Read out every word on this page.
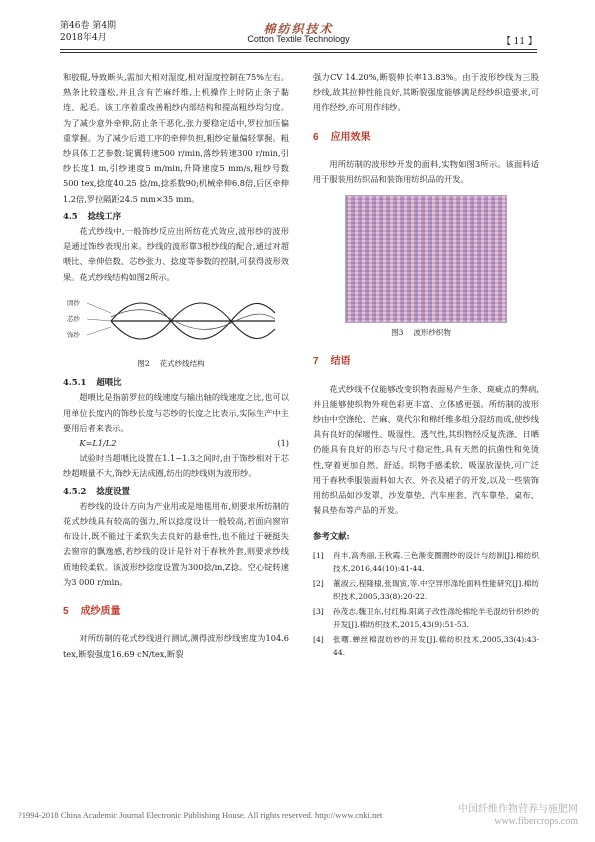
第46卷 第4期
2018年4月
棉纺织技术
Cotton Textile Technology	【 11 】

和胶辊,导致断头,需加大相对湿度,相对湿度控制在75%左右。熟条比较蓬松,并且含有芒麻纤维,上机操作上时防止条子黏连、起毛。该工序着重改善粗纱内部结构和提高粗纱均匀度。为了减少意外牵伸,防止条干恶化,张力要稳定适中,罗拉加压偏重掌握。为了减少后道工序的牵伸负担,粗纱定量偏轻掌握。粗纱具体工艺参数:锭翼转速500 r/min,落纱转速300 r/min,引纱长度1 m,引纱速度5 m/min,升降速度5 mm/s,粗纱号数500 tex,捻度40.25 捻/m,捻系数90;机械牵伸6.8倍,后区牵伸1.2倍,罗拉隔距24.5 mm×35 mm。

4.5 捻线工序

花式纱线中,一般饰纱反应出所纺花式效应,波形纱的波形是通过饰纱表现出来。纱线的波形靠3根纱线的配合,通过对超喂比、牵伸倍数、芯纱张力、捻度等参数的控制,可获得波形效果。花式纱线结构如图2所示。

固纱
芯纱
饰纱
图2 花式纱线结构
4.5.1 超喂比

超喂比是指前罗拉的线速度与输出轴的线速度之比,也可以用单位长度内的饰纱长度与芯纱的长度之比表示,实际生产中主要用后者来表示。

K=L1/L2	(1)

试验时当超喂比设置在1.1~1.3之间时,由于饰纱相对于芯纱超喂量不大,饰纱无法成圈,纺出的纱线则为波形纱。

4.5.2 捻度设置

若纱线的设计方向为产业用或是地毯用布,则要求所纺制的花式纱线具有较高的强力,所以捻度设计一般较高,若面向窗帘布设计,既不能过于柔软失去良好的悬垂性,也不能过于硬挺失去窗帘的飘逸感,若纱线的设计是针对于春秋外套,则要求纱线质地较柔软。该波形纱捻度设置为300捻/m,Z捻。空心锭转速为3 000 r/min。

5 成纱质量

对所纺制的花式纱线进行测试,测得波形纱线密度为104.6 tex,断裂强度16.69 cN/tex,断裂

强力CV 14.20%,断裂伸长率13.83%。由于波形纱线为三股纱线,故其拉伸性能良好,其断裂强度能够满足经纱织造要求,可用作经纱,亦可用作纬纱。

6 应用效果

用所纺制的波形纱开发的面料,实物如图3所示。该面料适用于服装用纺织品和装饰用纺织品的开发。

图3 波形纱织物
7 结语

花式纱线不仅能够改变织物表面易产生条、斑疵点的弊病,并且能够使织物外观色彩更丰富、立体感更强。所纺制的波形纱由中空涤纶、芒麻、莫代尔和棉纤维多组分混纺而成,使纱线具有良好的保暖性、吸湿性、透气性,其织物经反复洗涤、日晒仍能具有良好的形态与尺寸稳定性,具有天然的抗菌性和免烫性,穿着更加自然、舒适。织物手感柔软、吸湿放湿快,可广泛用于春秋季服装面料如大衣、外衣及裙子的开发,以及一些装饰用纺织品如沙发罩、沙发靠垫、汽车座套、汽车靠垫、桌布、餐具垫布等产品的开发。

参考文献:
[1]	肖丰,高秀丽,王秋霞.三色渐变圈圈纱的设计与纺制[J].棉纺织技术,2016,44(10):41-44.
[2]	董淑云,程隆棣,张瑞寅,等.中空异形涤纶面料性能研究[J].棉纺织技术,2005,33(8):20-22.
[3]	孙茂志,魏卫东,付红梅.阳离子改性涤纶棉纶羊毛混纺针织纱的开发[J].棉纺织技术,2015,43(9):51-53.
[4]	张曙.蝉丝棉混纺纱的开发[J].棉纺织技术,2005,33(4):43-44.
?1994-2018 China Academic Journal Electronic Publishing House. All rights reserved. http://www.cnki.net	中国纤维作物营养与施肥网
www.fibercrops.com
